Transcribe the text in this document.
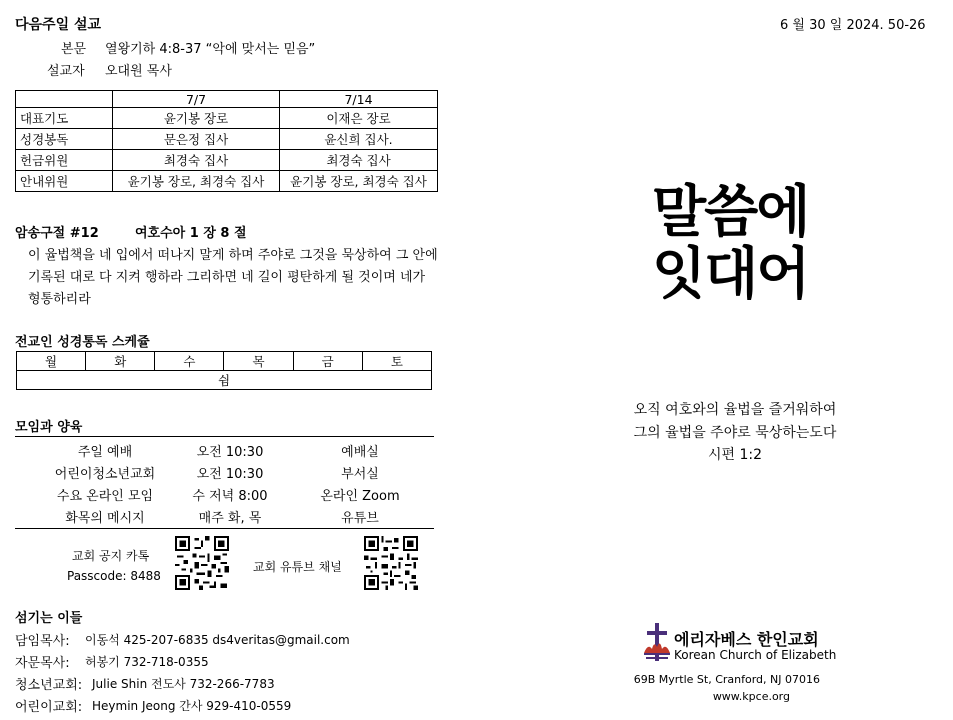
6 월 30 일 2024. 50-26
다음주일 설교
본문 열왕기하 4:8-37 “악에 맞서는 믿음”
설교자 오대원 목사
	7/7	7/14
대표기도	윤기봉 장로	이재은 장로
성경봉독	문은정 집사	윤신희 집사.
헌금위원	최경숙 집사	최경숙 집사
안내위원	윤기봉 장로, 최경숙 집사	윤기봉 장로, 최경숙 집사
암송구절 #12	여호수아 1 장 8 절
이 율법책을 네 입에서 떠나지 말게 하며 주야로 그것을 묵상하여 그 안에
기록된 대로 다 지켜 행하라 그리하면 네 길이 평탄하게 될 것이며 네가
형통하리라
전교인 성경통독 스케쥴
월	화	수	목	금	토
쉼
모임과 양육
주일 예배	오전 10:30	예배실
어린이청소년교회	오전 10:30	부서실
수요 온라인 모임	수 저녁 8:00	온라인 Zoom
화목의 메시지	매주 화, 목	유튜브
교회 공지 카톡
Passcode: 8488
교회 유튜브 채널
섬기는 이들
담임목사: 이동석 425-207-6835 ds4veritas@gmail.com
자문목사: 허봉기 732-718-0355
청소년교회: Julie Shin 전도사 732-266-7783
어린이교회: Heymin Jeong 간사 929-410-0559
말씀에
잇대어
오직 여호와의 율법을 즐거워하여
그의 율법을 주야로 묵상하는도다
시편 1:2
에리자베스 한인교회
Korean Church of Elizabeth
69B Myrtle St, Cranford, NJ 07016
www.kpce.org
